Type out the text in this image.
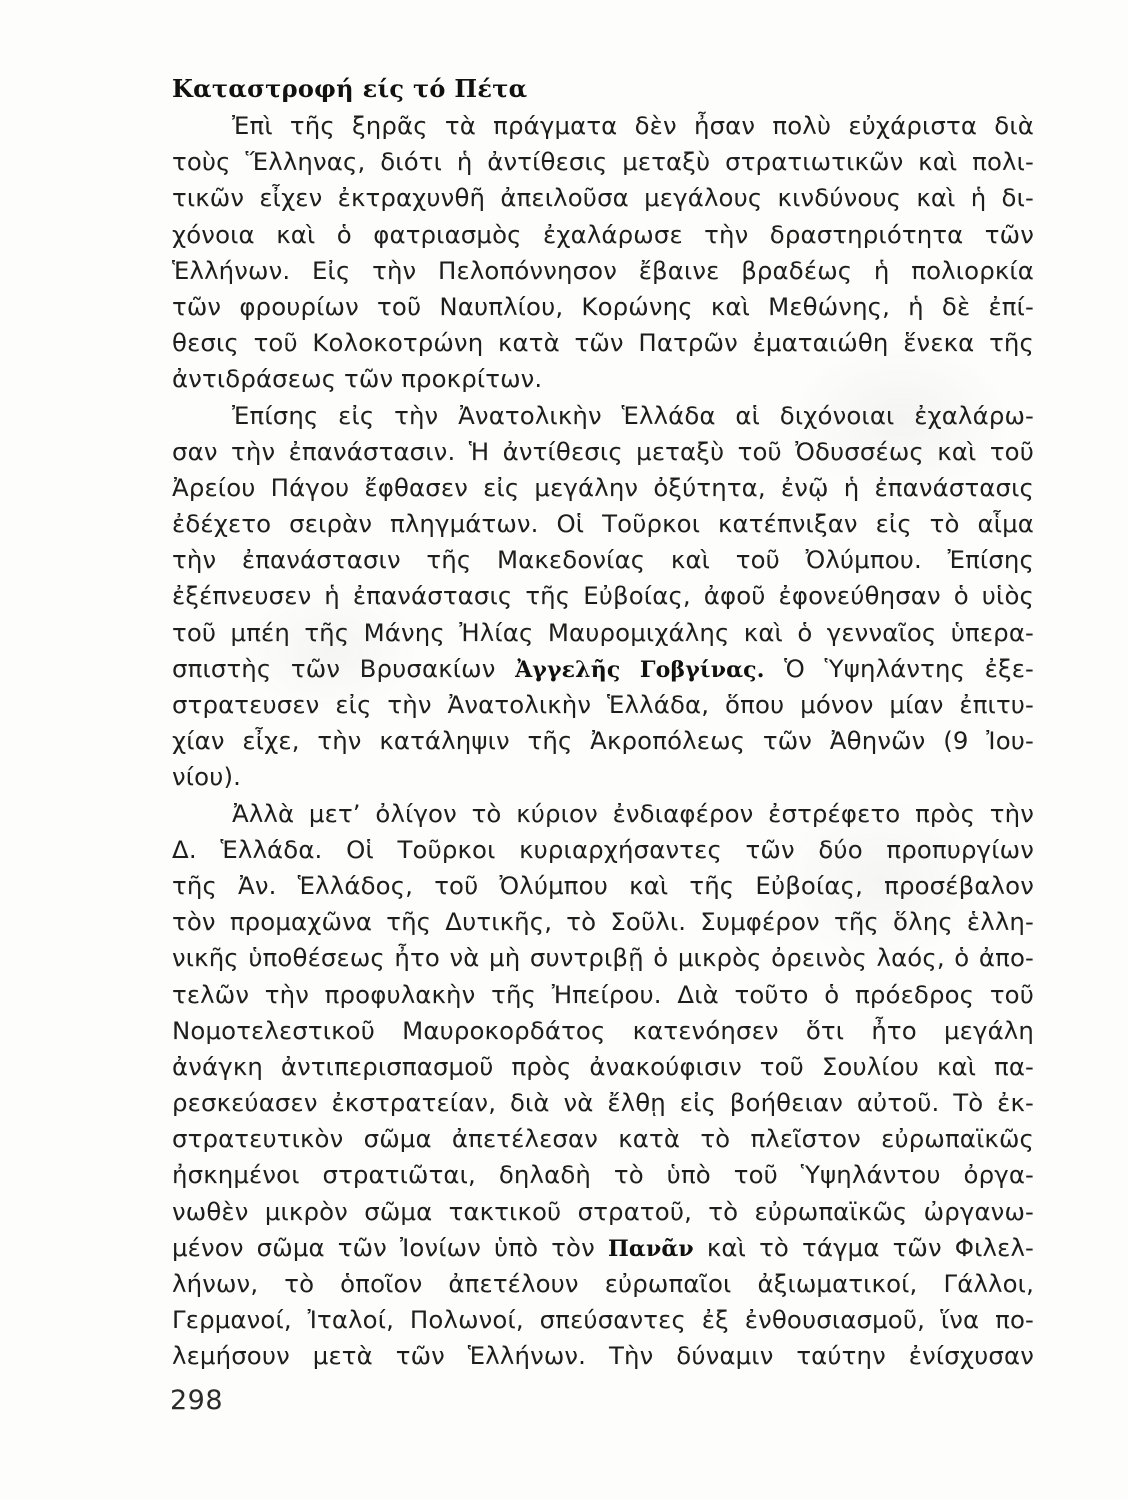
Καταστροφή είς τό Πέτα
Ἐπὶ τῆς ξηρᾶς τὰ πράγματα δὲν ἦσαν πολὺ εὐχάριστα διὰ
τοὺς Ἕλληνας, διότι ἡ ἀντίθεσις μεταξὺ στρατιωτικῶν καὶ πολι-
τικῶν εἶχεν ἐκτραχυνθῆ ἀπειλοῦσα μεγάλους κινδύνους καὶ ἡ δι-
χόνοια καὶ ὁ φατριασμὸς ἐχαλάρωσε τὴν δραστηριότητα τῶν
Ἑλλήνων. Εἰς τὴν Πελοπόννησον ἔβαινε βραδέως ἡ πολιορκία
τῶν φρουρίων τοῦ Ναυπλίου, Κορώνης καὶ Μεθώνης, ἡ δὲ ἐπί-
θεσις τοῦ Κολοκοτρώνη κατὰ τῶν Πατρῶν ἐματαιώθη ἕνεκα τῆς
ἀντιδράσεως τῶν προκρίτων.
Ἐπίσης εἰς τὴν Ἀνατολικὴν Ἑλλάδα αἱ διχόνοιαι ἐχαλάρω-
σαν τὴν ἐπανάστασιν. Ἡ ἀντίθεσις μεταξὺ τοῦ Ὀδυσσέως καὶ τοῦ
Ἀρείου Πάγου ἔφθασεν εἰς μεγάλην ὀξύτητα, ἐνῷ ἡ ἐπανάστασις
ἐδέχετο σειρὰν πληγμάτων. Οἱ Τοῦρκοι κατέπνιξαν εἰς τὸ αἷμα
τὴν ἐπανάστασιν τῆς Μακεδονίας καὶ τοῦ Ὀλύμπου. Ἐπίσης
ἐξέπνευσεν ἡ ἐπανάστασις τῆς Εὐβοίας, ἀφοῦ ἐφονεύθησαν ὁ υἱὸς
τοῦ μπέη τῆς Μάνης Ἠλίας Μαυρομιχάλης καὶ ὁ γενναῖος ὑπερα-
σπιστὴς τῶν Βρυσακίων Ἀγγελῆς Γοβγίνας. Ὁ Ὑψηλάντης ἐξε-
στρατευσεν εἰς τὴν Ἀνατολικὴν Ἑλλάδα, ὅπου μόνον μίαν ἐπιτυ-
χίαν εἶχε, τὴν κατάληψιν τῆς Ἀκροπόλεως τῶν Ἀθηνῶν (9 Ἰου-
νίου).
Ἀλλὰ μετ’ ὀλίγον τὸ κύριον ἐνδιαφέρον ἐστρέφετο πρὸς τὴν
Δ. Ἑλλάδα. Οἱ Τοῦρκοι κυριαρχήσαντες τῶν δύο προπυργίων
τῆς Ἀν. Ἑλλάδος, τοῦ Ὀλύμπου καὶ τῆς Εὐβοίας, προσέβαλον
τὸν προμαχῶνα τῆς Δυτικῆς, τὸ Σοῦλι. Συμφέρον τῆς ὅλης ἑλλη-
νικῆς ὑποθέσεως ἦτο νὰ μὴ συντριβῇ ὁ μικρὸς ὀρεινὸς λαός, ὁ ἀπο-
τελῶν τὴν προφυλακὴν τῆς Ἠπείρου. Διὰ τοῦτο ὁ πρόεδρος τοῦ
Νομοτελεστικοῦ Μαυροκορδάτος κατενόησεν ὅτι ἦτο μεγάλη
ἀνάγκη ἀντιπερισπασμοῦ πρὸς ἀνακούφισιν τοῦ Σουλίου καὶ πα-
ρεσκεύασεν ἐκστρατείαν, διὰ νὰ ἔλθῃ εἰς βοήθειαν αὐτοῦ. Τὸ ἐκ-
στρατευτικὸν σῶμα ἀπετέλεσαν κατὰ τὸ πλεῖστον εὐρωπαϊκῶς
ἠσκημένοι στρατιῶται, δηλαδὴ τὸ ὑπὸ τοῦ Ὑψηλάντου ὀργα-
νωθὲν μικρὸν σῶμα τακτικοῦ στρατοῦ, τὸ εὐρωπαϊκῶς ὠργανω-
μένον σῶμα τῶν Ἰονίων ὑπὸ τὸν Πανᾶν καὶ τὸ τάγμα τῶν Φιλελ-
λήνων, τὸ ὁποῖον ἀπετέλουν εὐρωπαῖοι ἀξιωματικοί, Γάλλοι,
Γερμανοί, Ἰταλοί, Πολωνοί, σπεύσαντες ἐξ ἐνθουσιασμοῦ, ἵνα πο-
λεμήσουν μετὰ τῶν Ἑλλήνων. Τὴν δύναμιν ταύτην ἐνίσχυσαν
298
